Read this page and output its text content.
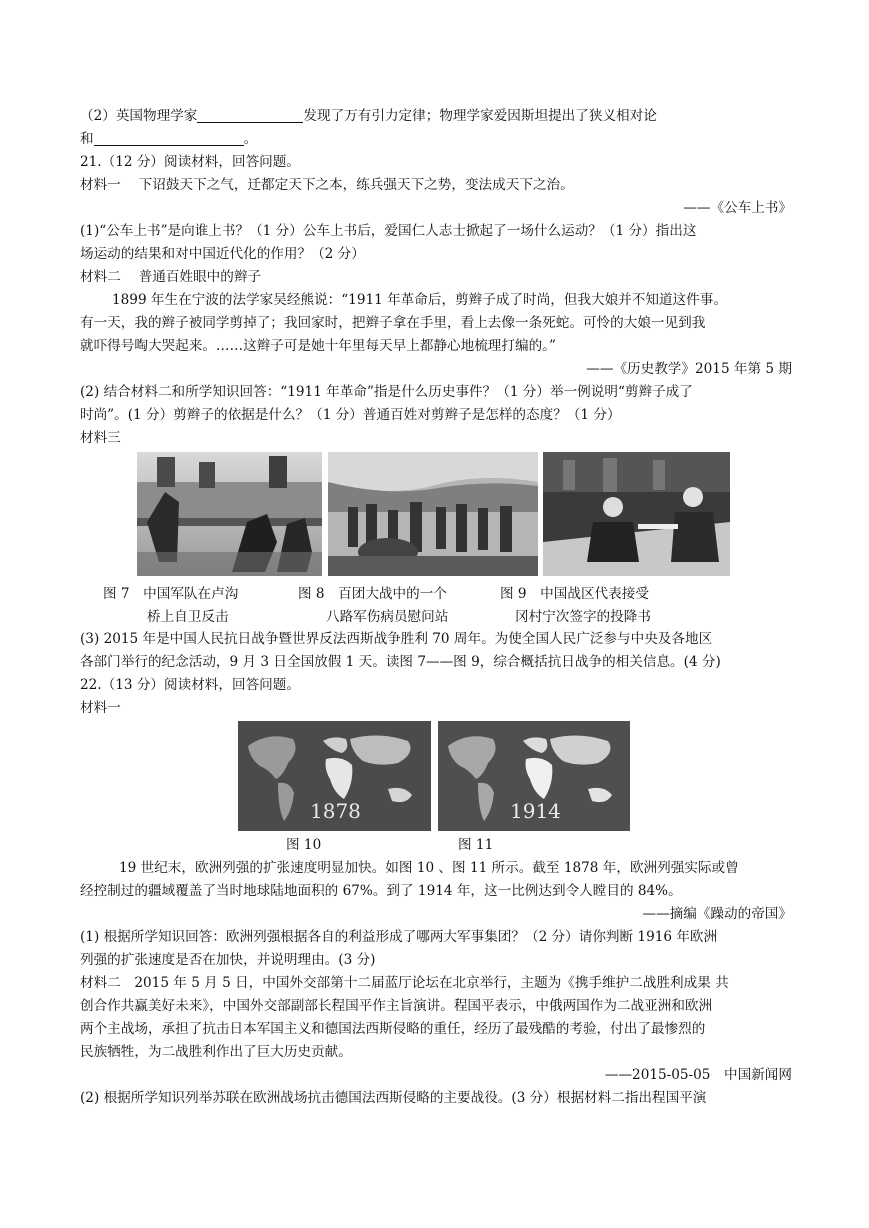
（2）英国物理学家	发现了万有引力定律；物理学家爱因斯坦提出了狭义相对论
和	。
21.（12 分）阅读材料，回答问题。
材料一　 下诏鼓天下之气，迁都定天下之本，练兵强天下之势，变法成天下之治。
——《公车上书》
(1)“公车上书”是向谁上书？（1 分）公车上书后，爱国仁人志士掀起了一场什么运动？（1 分）指出这
场运动的结果和对中国近代化的作用？（2 分）
材料二　 普通百姓眼中的辫子
1899 年生在宁波的法学家吴经熊说：“1911 年革命后，剪辫子成了时尚，但我大娘并不知道这件事。
有一天，我的辫子被同学剪掉了；我回家时，把辫子拿在手里，看上去像一条死蛇。可怜的大娘一见到我
就吓得号啕大哭起来。……这辫子可是她十年里每天早上都静心地梳理打编的。”
——《历史教学》2015 年第 5 期
(2) 结合材料二和所学知识回答：“1911 年革命”指是什么历史事件？（1 分）举一例说明“剪辫子成了
时尚”。(1 分）剪辫子的依据是什么？（1 分）普通百姓对剪辫子是怎样的态度？（1 分）
材料三
图 7　中国军队在卢沟
桥上自卫反击
图 8　百团大战中的一个
八路军伤病员慰问站
图 9　中国战区代表接受
冈村宁次签字的投降书
(3) 2015 年是中国人民抗日战争暨世界反法西斯战争胜利 70 周年。为使全国人民广泛参与中央及各地区
各部门举行的纪念活动，9 月 3 日全国放假 1 天。读图 7——图 9，综合概括抗日战争的相关信息。(4 分)
22.（13 分）阅读材料，回答问题。
材料一
1878	1914
图 10	图 11
19 世纪末，欧洲列强的扩张速度明显加快。如图 10 、图 11 所示。截至 1878 年，欧洲列强实际或曾
经控制过的疆域覆盖了当时地球陆地面积的 67%。到了 1914 年，这一比例达到令人瞠目的 84%。
——摘编《躁动的帝国》
(1) 根据所学知识回答：欧洲列强根据各自的利益形成了哪两大军事集团？（2 分）请你判断 1916 年欧洲
列强的扩张速度是否在加快，并说明理由。(3 分)
材料二　2015 年 5 月 5 日，中国外交部第十二届蓝厅论坛在北京举行，主题为《携手维护二战胜利成果 共
创合作共赢美好未来》，中国外交部副部长程国平作主旨演讲。程国平表示，中俄两国作为二战亚洲和欧洲
两个主战场，承担了抗击日本军国主义和德国法西斯侵略的重任，经历了最残酷的考验，付出了最惨烈的
民族牺牲，为二战胜利作出了巨大历史贡献。
——2015-05-05　中国新闻网
(2) 根据所学知识列举苏联在欧洲战场抗击德国法西斯侵略的主要战役。(3 分）根据材料二指出程国平演
